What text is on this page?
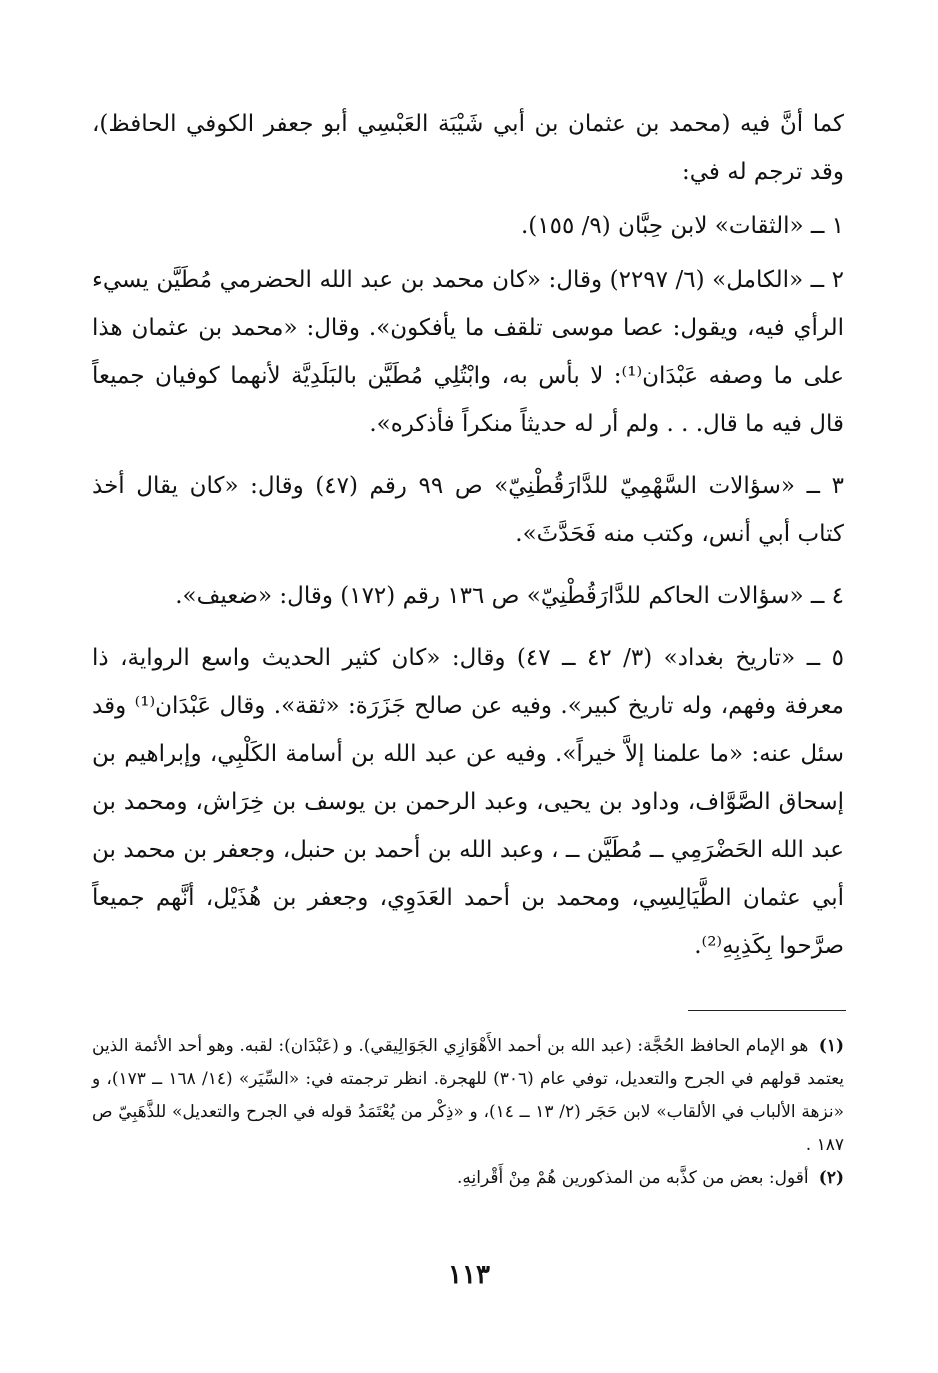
كما أنَّ فيه (محمد بن عثمان بن أبي شَيْبَة العَبْسِي أبو جعفر الكوفي الحافظ)، وقد ترجم له في:

١ ــ «الثقات» لابن حِبَّان (٩/ ١٥٥).

٢ ــ «الكامل» (٦/ ٢٢٩٧) وقال: «كان محمد بن عبد الله الحضرمي مُطَيَّن يسيء الرأي فيه، ويقول: عصا موسى تلقف ما يأفكون». وقال: «محمد بن عثمان هذا على ما وصفه عَبْدَان⁽¹⁾: لا بأس به، وابْتُلِي مُطَيَّن بالبَلَدِيَّة لأنهما كوفيان جميعاً قال فيه ما قال. . . ولم أر له حديثاً منكراً فأذكره».

٣ ــ «سؤالات السَّهْمِيّ للدَّارَقُطْنِيّ» ص ٩٩ رقم (٤٧) وقال: «كان يقال أخذ كتاب أبي أنس، وكتب منه فَحَدَّثَ».

٤ ــ «سؤالات الحاكم للدَّارَقُطْنِيّ» ص ١٣٦ رقم (١٧٢) وقال: «ضعيف».

٥ ــ «تاريخ بغداد» (٣/ ٤٢ ــ ٤٧) وقال: «كان كثير الحديث واسع الرواية، ذا معرفة وفهم، وله تاريخ كبير». وفيه عن صالح جَزَرَة: «ثقة». وقال عَبْدَان⁽¹⁾ وقد سئل عنه: «ما علمنا إلاَّ خيراً». وفيه عن عبد الله بن أسامة الكَلْبِي، وإبراهيم بن إسحاق الصَّوَّاف، وداود بن يحيى، وعبد الرحمن بن يوسف بن خِرَاش، ومحمد بن عبد الله الحَضْرَمِي ــ مُطَيَّن ــ ، وعبد الله بن أحمد بن حنبل، وجعفر بن محمد بن أبي عثمان الطَّيَالِسِي، ومحمد بن أحمد العَدَوِي، وجعفر بن هُذَيْل، أنَّهم جميعاً صرَّحوا بِكَذِبِهِ⁽²⁾.

(١) هو الإمام الحافظ الحُجَّة: (عبد الله بن أحمد الأَهْوَازِي الجَوَالِيقي). و (عَبْدَان): لقبه. وهو أحد الأئمة الذين يعتمد قولهم في الجرح والتعديل، توفي عام (٣٠٦) للهجرة. انظر ترجمته في: «السِّيَر» (١٤/ ١٦٨ ــ ١٧٣)، و «نزهة الألباب في الألقاب» لابن حَجَر (٢/ ١٣ ــ ١٤)، و «ذِكْر من يُعْتَمَدُ قوله في الجرح والتعديل» للذَّهَبِيّ ص ١٨٧ .

(٢) أقول: بعض من كذَّبه من المذكورين هُمْ مِنْ أَقْرانِهِ.

١١٣
